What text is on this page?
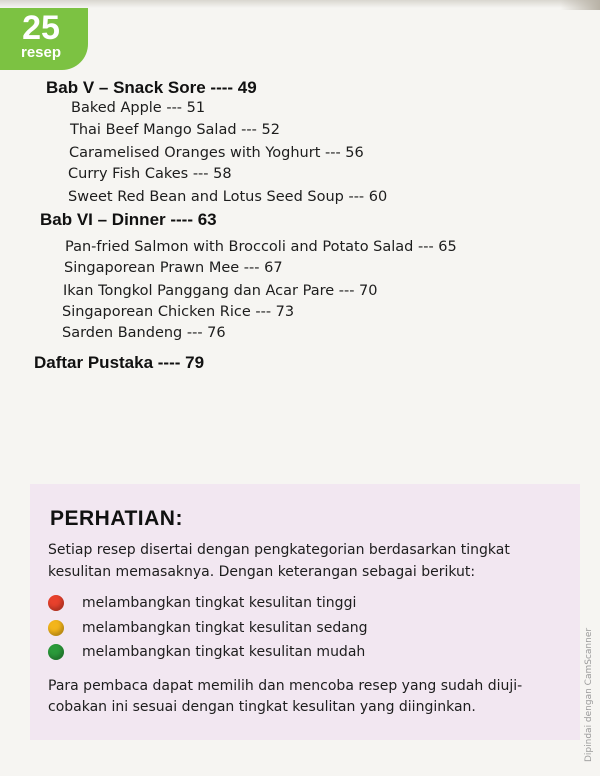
25
resep
Bab V – Snack Sore ---- 49
Baked Apple --- 51
Thai Beef Mango Salad --- 52
Caramelised Oranges with Yoghurt --- 56
Curry Fish Cakes --- 58
Sweet Red Bean and Lotus Seed Soup --- 60
Bab VI – Dinner ---- 63
Pan-fried Salmon with Broccoli and Potato Salad --- 65
Singaporean Prawn Mee --- 67
Ikan Tongkol Panggang dan Acar Pare --- 70
Singaporean Chicken Rice --- 73
Sarden Bandeng --- 76
Daftar Pustaka ---- 79
PERHATIAN:
Setiap resep disertai dengan pengkategorian berdasarkan tingkat
kesulitan memasaknya. Dengan keterangan sebagai berikut:
melambangkan tingkat kesulitan tinggi
melambangkan tingkat kesulitan sedang
melambangkan tingkat kesulitan mudah
Para pembaca dapat memilih dan mencoba resep yang sudah diuji-
cobakan ini sesuai dengan tingkat kesulitan yang diinginkan.	Dipindai dengan CamScanner
